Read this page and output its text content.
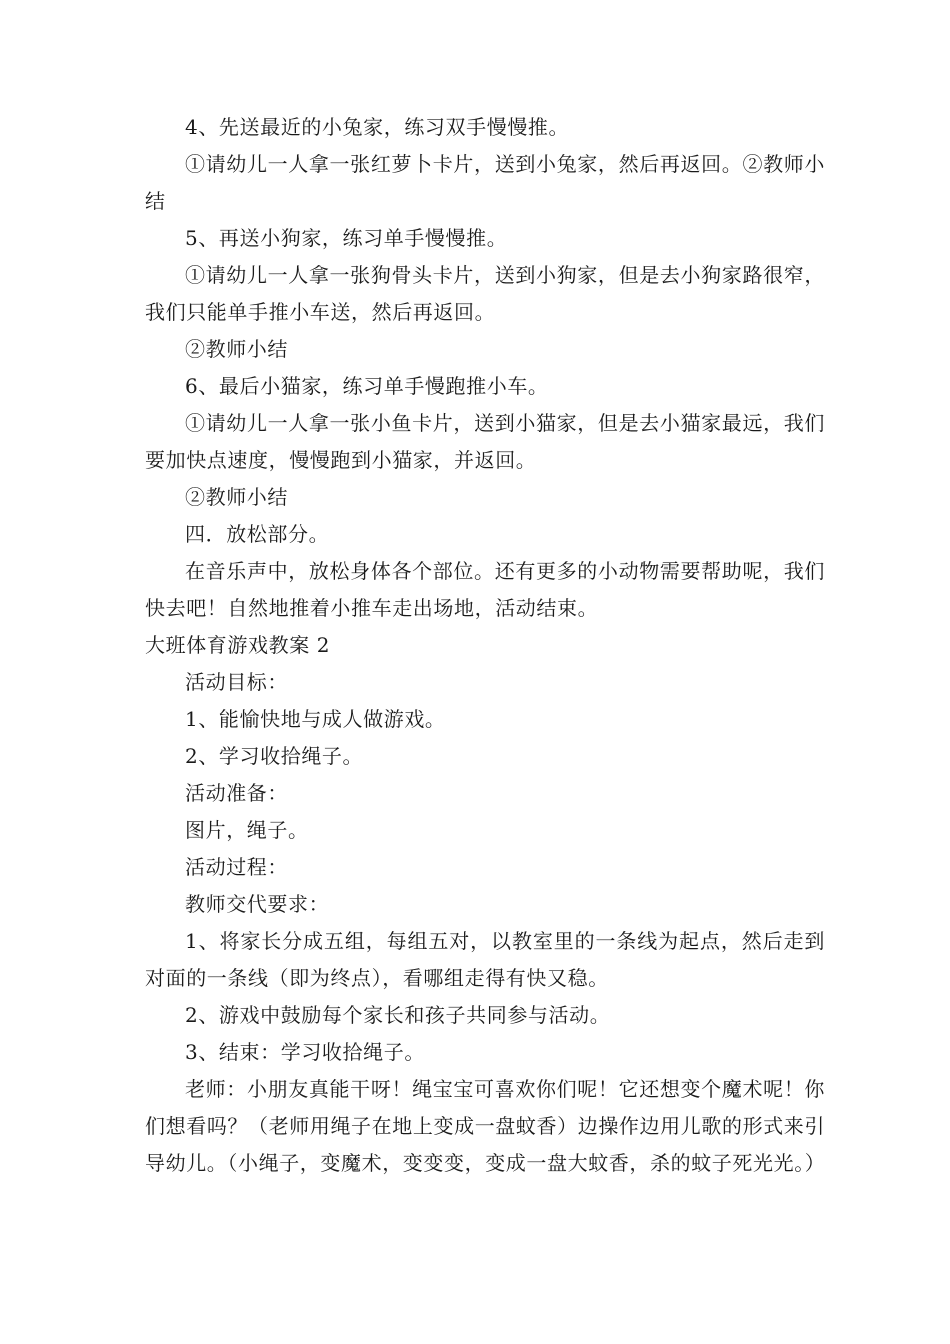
4、先送最近的小兔家，练习双手慢慢推。

①请幼儿一人拿一张红萝卜卡片，送到小兔家，然后再返回。②教师小结

5、再送小狗家，练习单手慢慢推。

①请幼儿一人拿一张狗骨头卡片，送到小狗家，但是去小狗家路很窄，我们只能单手推小车送，然后再返回。

②教师小结

6、最后小猫家，练习单手慢跑推小车。

①请幼儿一人拿一张小鱼卡片，送到小猫家，但是去小猫家最远，我们要加快点速度，慢慢跑到小猫家，并返回。

②教师小结

四．放松部分。

在音乐声中，放松身体各个部位。还有更多的小动物需要帮助呢，我们快去吧！自然地推着小推车走出场地，活动结束。

大班体育游戏教案 2

活动目标：

1、能愉快地与成人做游戏。

2、学习收拾绳子。

活动准备：

图片，绳子。

活动过程：

教师交代要求：

1、将家长分成五组，每组五对，以教室里的一条线为起点，然后走到对面的一条线（即为终点），看哪组走得有快又稳。

2、游戏中鼓励每个家长和孩子共同参与活动。

3、结束：学习收拾绳子。

老师：小朋友真能干呀！绳宝宝可喜欢你们呢！它还想变个魔术呢！你们想看吗？（老师用绳子在地上变成一盘蚊香）边操作边用儿歌的形式来引导幼儿。（小绳子，变魔术，变变变，变成一盘大蚊香，杀的蚊子死光光。）
